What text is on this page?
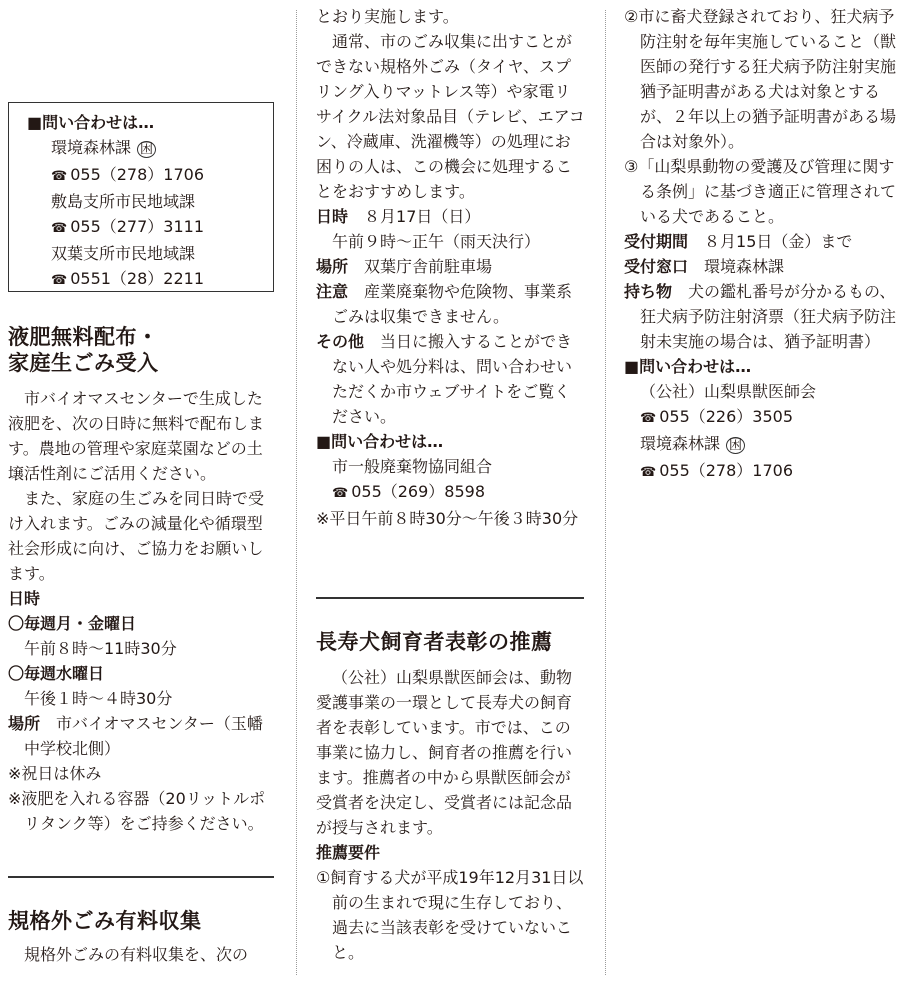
■問い合わせは…
環境森林課 困
☎ 055（278）1706
敷島支所市民地域課
☎ 055（277）3111
双葉支所市民地域課
☎ 0551（28）2211
液肥無料配布・
家庭生ごみ受入

市バイオマスセンターで生成した液肥を、次の日時に無料で配布します。農地の管理や家庭菜園などの土壌活性剤にご活用ください。

また、家庭の生ごみを同日時で受け入れます。ごみの減量化や循環型社会形成に向け、ご協力をお願いします。

日時
〇毎週月・金曜日
午前８時～11時30分
〇毎週水曜日
午後１時～４時30分

場所　 市バイオマスセンター（玉幡中学校北側）

※祝日は休み

※液肥を入れる容器（20リットルポリタンク等）をご持参ください。

規格外ごみ有料収集

規格外ごみの有料収集を、次の

とおり実施します。

通常、市のごみ収集に出すことができない規格外ごみ（タイヤ、スプリング入りマットレス等）や家電リサイクル法対象品目（テレビ、エアコン、冷蔵庫、洗濯機等）の処理にお困りの人は、この機会に処理することをおすすめします。

日時　 ８月17日（日）
午前９時～正午（雨天決行）
場所　 双葉庁舎前駐車場

注意　 産業廃棄物や危険物、事業系ごみは収集できません。

その他　 当日に搬入することができない人や処分料は、問い合わせいただくか市ウェブサイトをご覧ください。

■問い合わせは…
市一般廃棄物協同組合
☎ 055（269）8598

※平日午前８時30分～午後３時30分

長寿犬飼育者表彰の推薦

（公社）山梨県獣医師会は、動物愛護事業の一環として長寿犬の飼育者を表彰しています。市では、この事業に協力し、飼育者の推薦を行います。推薦者の中から県獣医師会が受賞者を決定し、受賞者には記念品が授与されます。

推薦要件

①飼育する犬が平成19年12月31日以前の生まれで現に生存しており、過去に当該表彰を受けていないこと。

②市に畜犬登録されており、狂犬病予防注射を毎年実施していること（獣医師の発行する狂犬病予防注射実施猶予証明書がある犬は対象とするが、２年以上の猶予証明書がある場合は対象外）。

③「山梨県動物の愛護及び管理に関する条例」に基づき適正に管理されている犬であること。

受付期間　 ８月15日（金）まで
受付窓口　 環境森林課

持ち物　 犬の鑑札番号が分かるもの、狂犬病予防注射済票（狂犬病予防注射未実施の場合は、猶予証明書）

■問い合わせは…
（公社）山梨県獣医師会
☎ 055（226）3505
環境森林課 困
☎ 055（278）1706
